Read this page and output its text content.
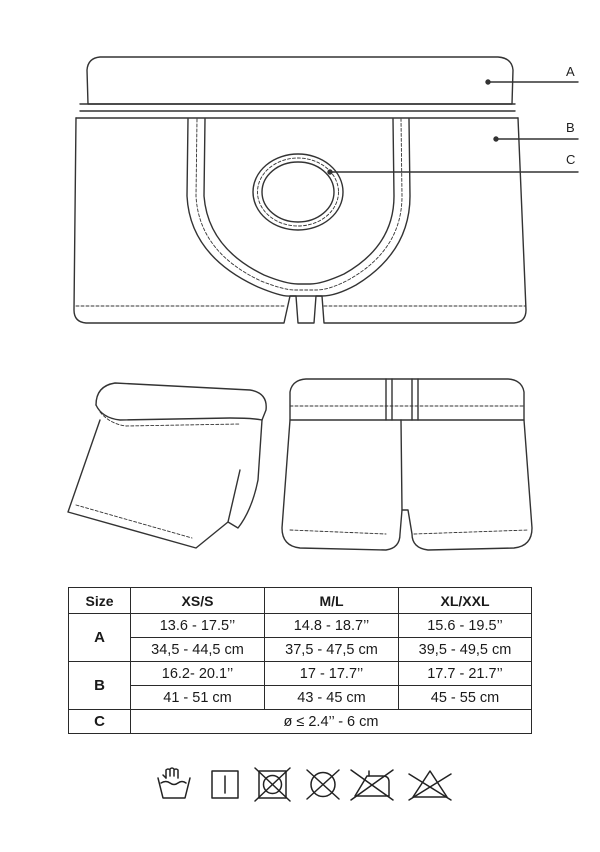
A
B
C
Size	XS/S	M/L	XL/XXL
A	13.6 - 17.5’’	14.8 - 18.7’’	15.6 - 19.5’’
	34,5 - 44,5 cm	37,5 - 47,5 cm	39,5 - 49,5 cm
B	16.2- 20.1’’	17 - 17.7’’	17.7 - 21.7’’
	41 - 51 cm	43 - 45 cm	45 - 55 cm
C	ø ≤ 2.4’’ - 6 cm		
